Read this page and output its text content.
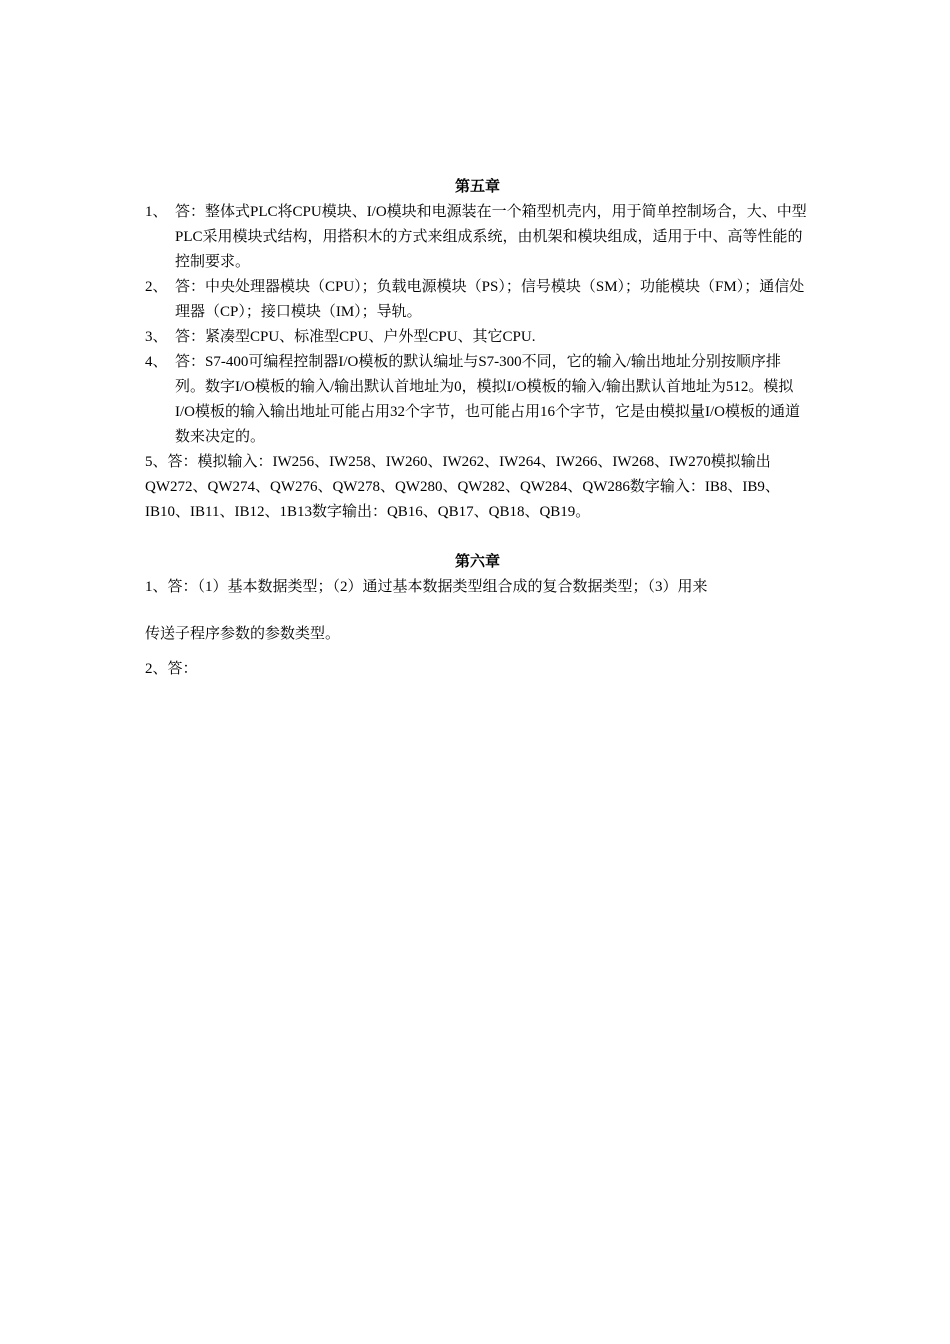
第五章

1、 答：整体式PLC将CPU模块、I/O模块和电源装在一个箱型机壳内，用于简单控制场合，大、中型PLC采用模块式结构，用搭积木的方式来组成系统，由机架和模块组成，适用于中、高等性能的控制要求。

2、 答：中央处理器模块（CPU）；负载电源模块（PS）；信号模块（SM）；功能模块（FM）；通信处理器（CP）；接口模块（IM）；导轨。

3、 答：紧凑型CPU、标准型CPU、户外型CPU、其它CPU.

4、 答：S7-400可编程控制器I/O模板的默认编址与S7-300不同，它的输入/输出地址分别按顺序排列。数字I/O模板的输入/输出默认首地址为0，模拟I/O模板的输入/输出默认首地址为512。模拟I/O模板的输入输出地址可能占用32个字节，也可能占用16个字节，它是由模拟量I/O模板的通道数来决定的。

5、答：模拟输入：IW256、IW258、IW260、IW262、IW264、IW266、IW268、IW270模拟输出QW272、QW274、QW276、QW278、QW280、QW282、QW284、QW286数字输入：IB8、IB9、IB10、IB11、IB12、1B13数字输出：QB16、QB17、QB18、QB19。

第六章

1、答：（1）基本数据类型；（2）通过基本数据类型组合成的复合数据类型；（3）用来

传送子程序参数的参数类型。

2、答：
